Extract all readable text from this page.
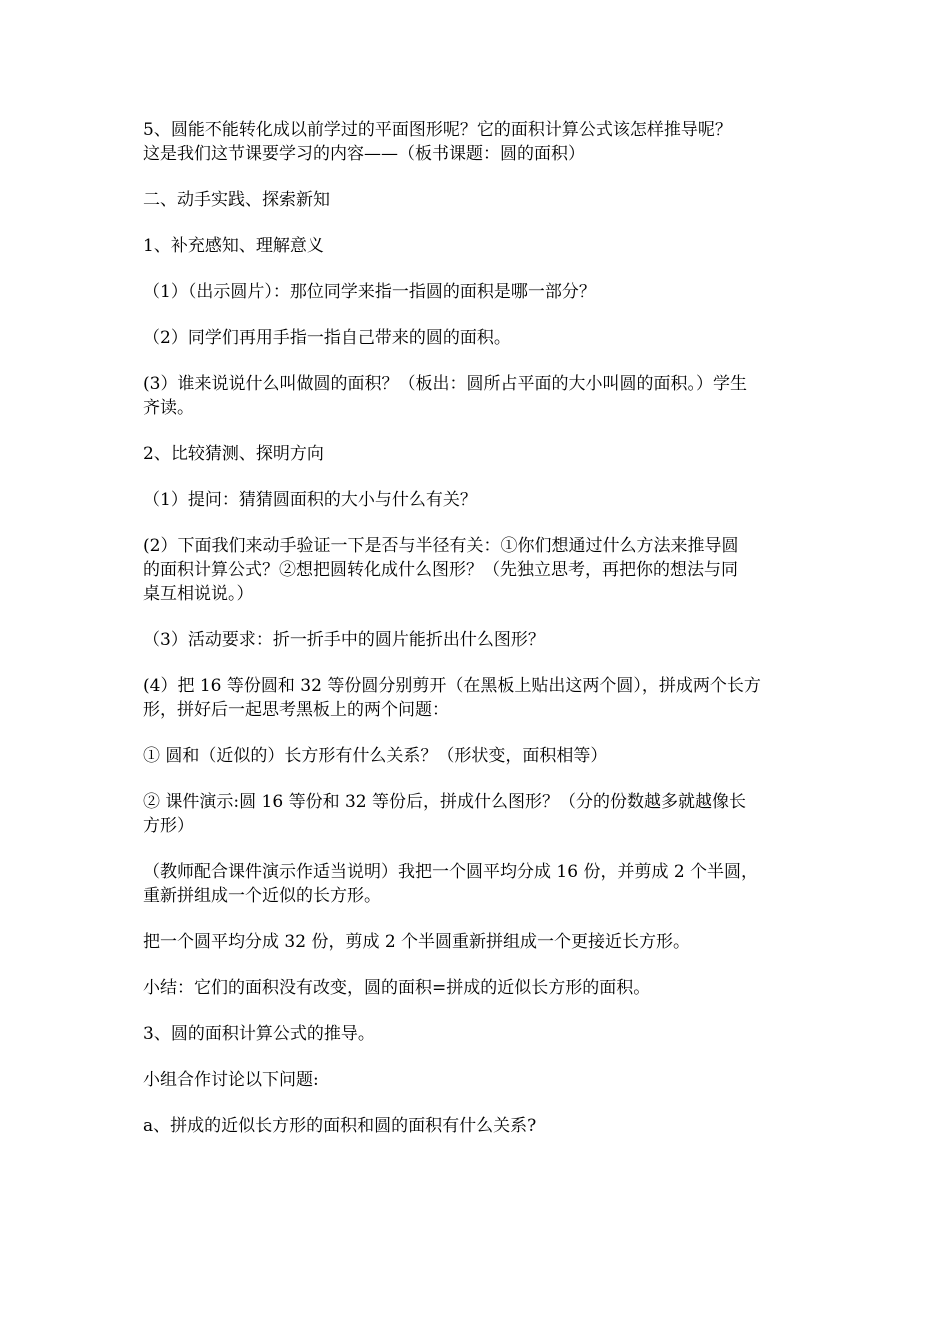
5、圆能不能转化成以前学过的平面图形呢？它的面积计算公式该怎样推导呢？
这是我们这节课要学习的内容——（板书课题：圆的面积）

二、动手实践、探索新知

1、补充感知、理解意义

（1）（出示圆片）：那位同学来指一指圆的面积是哪一部分？

（2）同学们再用手指一指自己带来的圆的面积。

(3）谁来说说什么叫做圆的面积？（板出：圆所占平面的大小叫圆的面积。）学生
齐读。

2、比较猜测、探明方向

（1）提问：猜猜圆面积的大小与什么有关？

(2）下面我们来动手验证一下是否与半径有关：①你们想通过什么方法来推导圆
的面积计算公式？②想把圆转化成什么图形？（先独立思考，再把你的想法与同
桌互相说说。）

（3）活动要求：折一折手中的圆片能折出什么图形？

(4）把 16 等份圆和 32 等份圆分别剪开（在黑板上贴出这两个圆），拼成两个长方
形，拼好后一起思考黑板上的两个问题：

① 圆和（近似的）长方形有什么关系？（形状变，面积相等）

② 课件演示:圆 16 等份和 32 等份后，拼成什么图形？（分的份数越多就越像长
方形）

（教师配合课件演示作适当说明）我把一个圆平均分成 16 份，并剪成 2 个半圆，
重新拼组成一个近似的长方形。

把一个圆平均分成 32 份，剪成 2 个半圆重新拼组成一个更接近长方形。

小结：它们的面积没有改变，圆的面积=拼成的近似长方形的面积。

3、圆的面积计算公式的推导。

小组合作讨论以下问题:

a、拼成的近似长方形的面积和圆的面积有什么关系?
